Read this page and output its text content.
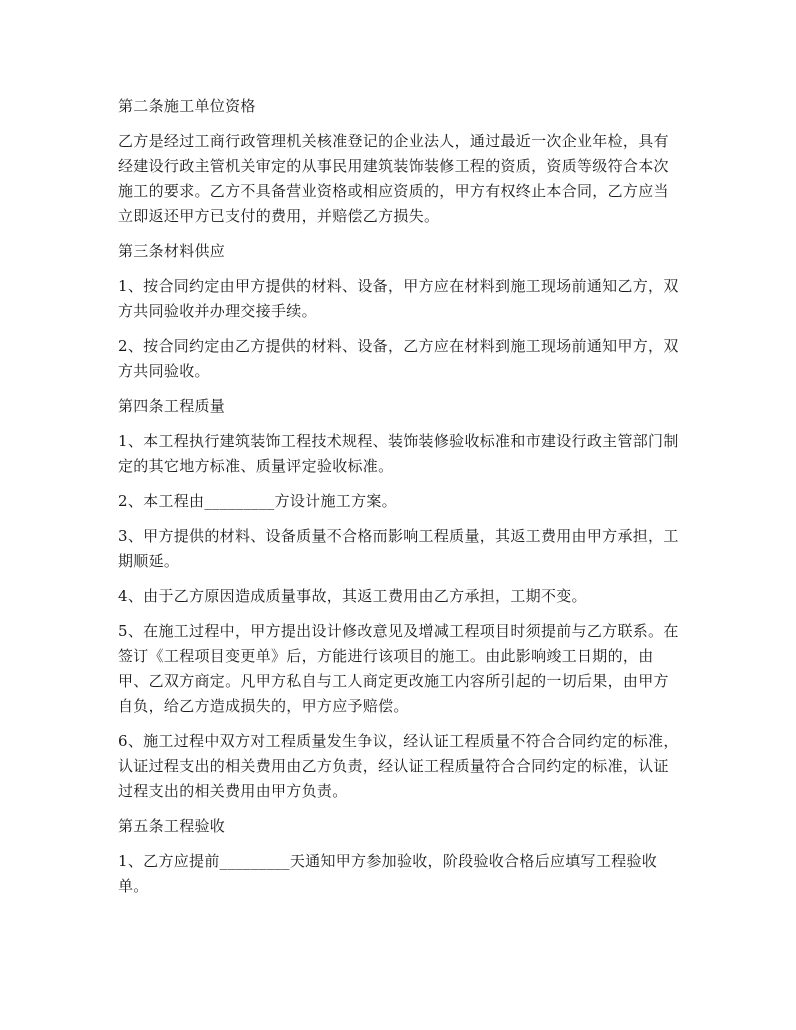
第二条施工单位资格

乙方是经过工商行政管理机关核准登记的企业法人，通过最近一次企业年检，具有经建设行政主管机关审定的从事民用建筑装饰装修工程的资质，资质等级符合本次施工的要求。乙方不具备营业资格或相应资质的，甲方有权终止本合同，乙方应当立即返还甲方已支付的费用，并赔偿乙方损失。

第三条材料供应

1、按合同约定由甲方提供的材料、设备，甲方应在材料到施工现场前通知乙方，双方共同验收并办理交接手续。

2、按合同约定由乙方提供的材料、设备，乙方应在材料到施工现场前通知甲方，双方共同验收。

第四条工程质量

1、本工程执行建筑装饰工程技术规程、装饰装修验收标准和市建设行政主管部门制定的其它地方标准、质量评定验收标准。

2、本工程由_________方设计施工方案。

3、甲方提供的材料、设备质量不合格而影响工程质量，其返工费用由甲方承担，工期顺延。

4、由于乙方原因造成质量事故，其返工费用由乙方承担，工期不变。

5、在施工过程中，甲方提出设计修改意见及增减工程项目时须提前与乙方联系。在签订《工程项目变更单》后，方能进行该项目的施工。由此影响竣工日期的，由甲、乙双方商定。凡甲方私自与工人商定更改施工内容所引起的一切后果，由甲方自负，给乙方造成损失的，甲方应予赔偿。

6、施工过程中双方对工程质量发生争议，经认证工程质量不符合合同约定的标准，认证过程支出的相关费用由乙方负责，经认证工程质量符合合同约定的标准，认证过程支出的相关费用由甲方负责。

第五条工程验收

1、乙方应提前_________天通知甲方参加验收，阶段验收合格后应填写工程验收单。
